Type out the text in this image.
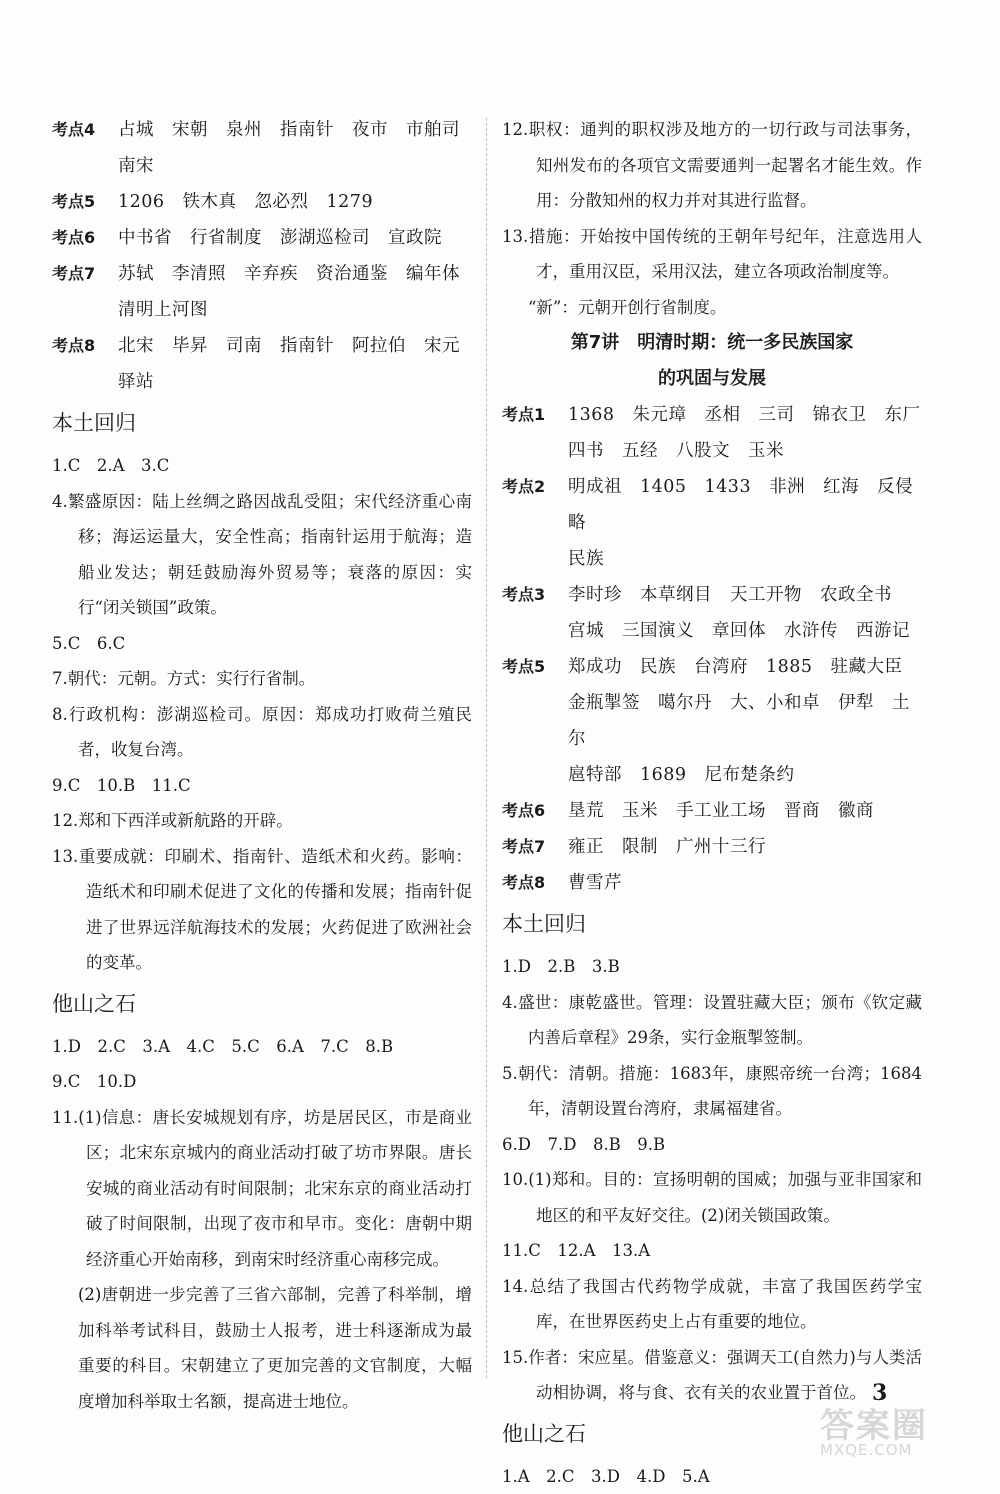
考点4 占城　宋朝　泉州　指南针　夜市　市舶司
南宋
考点5 1206　铁木真　忽必烈　1279
考点6 中书省　行省制度　澎湖巡检司　宣政院
考点7 苏轼　李清照　辛弃疾　资治通鉴　编年体
清明上河图
考点8 北宋　毕昇　司南　指南针　阿拉伯　宋元
驿站
本土回归

1.C　2.A　3.C

4.繁盛原因：陆上丝绸之路因战乱受阻；宋代经济重心南移；海运运量大，安全性高；指南针运用于航海；造船业发达；朝廷鼓励海外贸易等；衰落的原因：实行“闭关锁国”政策。

5.C　6.C

7.朝代：元朝。方式：实行行省制。

8.行政机构：澎湖巡检司。原因：郑成功打败荷兰殖民者，收复台湾。

9.C　10.B　11.C

12.郑和下西洋或新航路的开辟。

13.重要成就：印刷术、指南针、造纸术和火药。影响：造纸术和印刷术促进了文化的传播和发展；指南针促进了世界远洋航海技术的发展；火药促进了欧洲社会的变革。

他山之石

1.D　2.C　3.A　4.C　5.C　6.A　7.C　8.B

9.C　10.D

11.(1)信息：唐长安城规划有序，坊是居民区，市是商业区；北宋东京城内的商业活动打破了坊市界限。唐长安城的商业活动有时间限制；北宋东京的商业活动打破了时间限制，出现了夜市和早市。变化：唐朝中期经济重心开始南移，到南宋时经济重心南移完成。

(2)唐朝进一步完善了三省六部制，完善了科举制，增加科举考试科目，鼓励士人报考，进士科逐渐成为最重要的科目。宋朝建立了更加完善的文官制度，大幅度增加科举取士名额，提高进士地位。

12.职权：通判的职权涉及地方的一切行政与司法事务，知州发布的各项官文需要通判一起署名才能生效。作用：分散知州的权力并对其进行监督。

13.措施：开始按中国传统的王朝年号纪年，注意选用人才，重用汉臣，采用汉法，建立各项政治制度等。

“新”：元朝开创行省制度。

第7讲　明清时期：统一多民族国家

的巩固与发展

考点1 1368　朱元璋　丞相　三司　锦衣卫　东厂
四书　五经　八股文　玉米
考点2 明成祖　1405　1433　非洲　红海　反侵略
民族
考点3 李时珍　本草纲目　天工开物　农政全书
宫城　三国演义　章回体　水浒传　西游记
考点5 郑成功　民族　台湾府　1885　驻藏大臣
金瓶掣签　噶尔丹　大、小和卓　伊犁　土尔
扈特部　1689　尼布楚条约
考点6 垦荒　玉米　手工业工场　晋商　徽商
考点7 雍正　限制　广州十三行
考点8 曹雪芹
本土回归

1.D　2.B　3.B

4.盛世：康乾盛世。管理：设置驻藏大臣；颁布《钦定藏内善后章程》29条，实行金瓶掣签制。

5.朝代：清朝。措施：1683年，康熙帝统一台湾；1684年，清朝设置台湾府，隶属福建省。

6.D　7.D　8.B　9.B

10.(1)郑和。目的：宣扬明朝的国威；加强与亚非国家和地区的和平友好交往。(2)闭关锁国政策。

11.C　12.A　13.A

14.总结了我国古代药物学成就，丰富了我国医药学宝库，在世界医药史上占有重要的地位。

15.作者：宋应星。借鉴意义：强调天工(自然力)与人类活动相协调，将与食、衣有关的农业置于首位。

他山之石

1.A　2.C　3.D　4.D　5.A

3
答案圈
MXQE.COM
